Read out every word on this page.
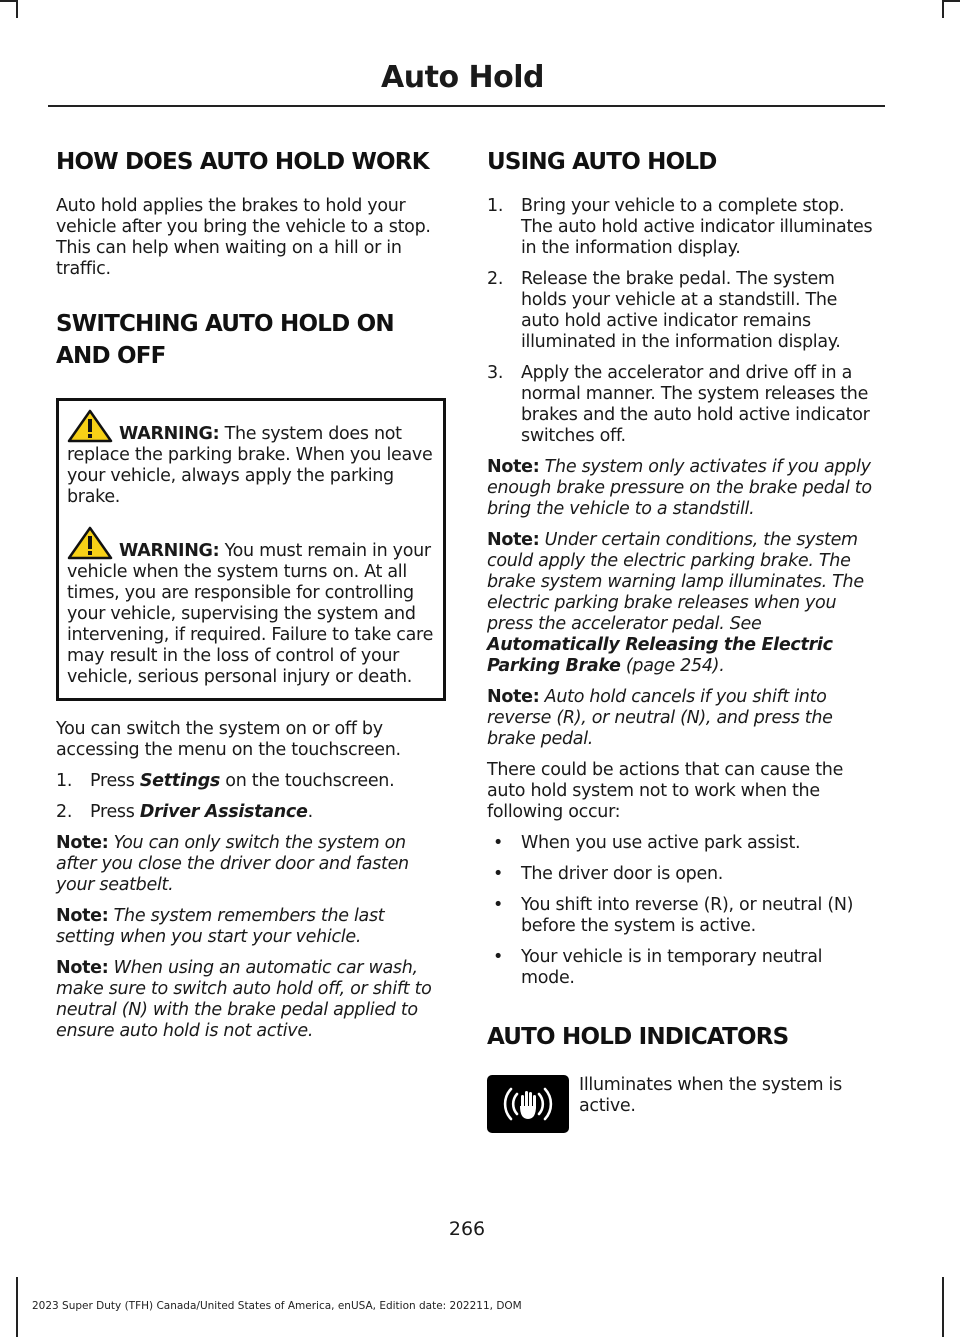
Auto Hold
HOW DOES AUTO HOLD WORK

Auto hold applies the brakes to hold your vehicle after you bring the vehicle to a stop. This can help when waiting on a hill or in traffic.

SWITCHING AUTO HOLD ON
AND OFF

WARNING: The system does not replace the parking brake. When you leave your vehicle, always apply the parking brake.

WARNING: You must remain in your vehicle when the system turns on. At all times, you are responsible for controlling your vehicle, supervising the system and intervening, if required. Failure to take care may result in the loss of control of your vehicle, serious personal injury or death.

You can switch the system on or off by accessing the menu on the touchscreen.

1.	Press Settings on the touchscreen.
2.	Press Driver Assistance.

Note: You can only switch the system on after you close the driver door and fasten your seatbelt.

Note: The system remembers the last setting when you start your vehicle.

Note: When using an automatic car wash, make sure to switch auto hold off, or shift to neutral (N) with the brake pedal applied to ensure auto hold is not active.

USING AUTO HOLD
1.	Bring your vehicle to a complete stop. The auto hold active indicator illuminates in the information display.
2.	Release the brake pedal. The system holds your vehicle at a standstill. The auto hold active indicator remains illuminated in the information display.
3.	Apply the accelerator and drive off in a normal manner. The system releases the brakes and the auto hold active indicator switches off.

Note: The system only activates if you apply enough brake pressure on the brake pedal to bring the vehicle to a standstill.

Note: Under certain conditions, the system could apply the electric parking brake. The brake system warning lamp illuminates. The electric parking brake releases when you press the accelerator pedal. See Automatically Releasing the Electric Parking Brake (page 254).

Note: Auto hold cancels if you shift into reverse (R), or neutral (N), and press the brake pedal.

There could be actions that can cause the auto hold system not to work when the following occur:

•	When you use active park assist.
•	The driver door is open.
•	You shift into reverse (R), or neutral (N) before the system is active.
•	Your vehicle is in temporary neutral mode.
AUTO HOLD INDICATORS
Illuminates when the system is active.
266
2023 Super Duty (TFH) Canada/United States of America, enUSA, Edition date: 202211, DOM
